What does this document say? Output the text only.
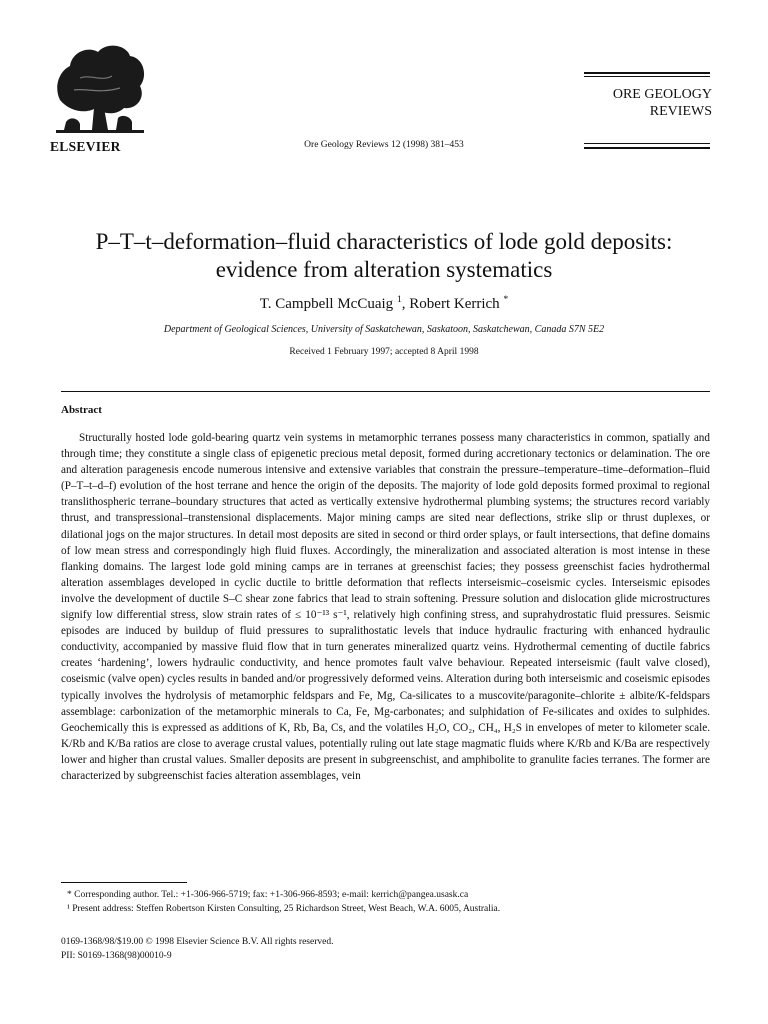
ELSEVIER	Ore Geology Reviews 12 (1998) 381–453
ORE GEOLOGY
REVIEWS
P–T–t–deformation–fluid characteristics of lode gold deposits:
evidence from alteration systematics
T. Campbell McCuaig $^1$, Robert Kerrich *
Department of Geological Sciences, University of Saskatchewan, Saskatoon, Saskatchewan, Canada S7N 5E2
Received 1 February 1997; accepted 8 April 1998
Abstract

Structurally hosted lode gold-bearing quartz vein systems in metamorphic terranes possess many characteristics in common, spatially and through time; they constitute a single class of epigenetic precious metal deposit, formed during accretionary tectonics or delamination. The ore and alteration paragenesis encode numerous intensive and extensive variables that constrain the pressure–temperature–time–deformation–fluid (P–T–t–d–f) evolution of the host terrane and hence the origin of the deposits. The majority of lode gold deposits formed proximal to regional translithospheric terrane–boundary structures that acted as vertically extensive hydrothermal plumbing systems; the structures record variably thrust, and transpressional–transtensional displacements. Major mining camps are sited near deflections, strike slip or thrust duplexes, or dilational jogs on the major structures. In detail most deposits are sited in second or third order splays, or fault intersections, that define domains of low mean stress and correspondingly high fluid fluxes. Accordingly, the mineralization and associated alteration is most intense in these flanking domains. The largest lode gold mining camps are in terranes at greenschist facies; they possess greenschist facies hydrothermal alteration assemblages developed in cyclic ductile to brittle deformation that reflects interseismic–coseismic cycles. Interseismic episodes involve the development of ductile S–C shear zone fabrics that lead to strain softening. Pressure solution and dislocation glide microstructures signify low differential stress, slow strain rates of ≤ 10⁻¹³ s⁻¹, relatively high confining stress, and suprahydrostatic fluid pressures. Seismic episodes are induced by buildup of fluid pressures to supralithostatic levels that induce hydraulic fracturing with enhanced hydraulic conductivity, accompanied by massive fluid flow that in turn generates mineralized quartz veins. Hydrothermal cementing of ductile fabrics creates ‘hardening’, lowers hydraulic conductivity, and hence promotes fault valve behaviour. Repeated interseismic (fault valve closed), coseismic (valve open) cycles results in banded and/or progressively deformed veins. Alteration during both interseismic and coseismic episodes typically involves the hydrolysis of metamorphic feldspars and Fe, Mg, Ca-silicates to a muscovite/paragonite–chlorite ± albite/K-feldspars assemblage: carbonization of the metamorphic minerals to Ca, Fe, Mg-carbonates; and sulphidation of Fe-silicates and oxides to sulphides. Geochemically this is expressed as additions of K, Rb, Ba, Cs, and the volatiles H₂O, CO₂, CH₄, H₂S in envelopes of meter to kilometer scale. K/Rb and K/Ba ratios are close to average crustal values, potentially ruling out late stage magmatic fluids where K/Rb and K/Ba are respectively lower and higher than crustal values. Smaller deposits are present in subgreenschist, and amphibolite to granulite facies terranes. The former are characterized by subgreenschist facies alteration assemblages, vein

* Corresponding author. Tel.: +1-306-966-5719; fax: +1-306-966-8593; e-mail: kerrich@pangea.usask.ca
¹ Present address: Steffen Robertson Kirsten Consulting, 25 Richardson Street, West Beach, W.A. 6005, Australia.
0169-1368/98/$19.00 © 1998 Elsevier Science B.V. All rights reserved.
PII: S0169-1368(98)00010-9
